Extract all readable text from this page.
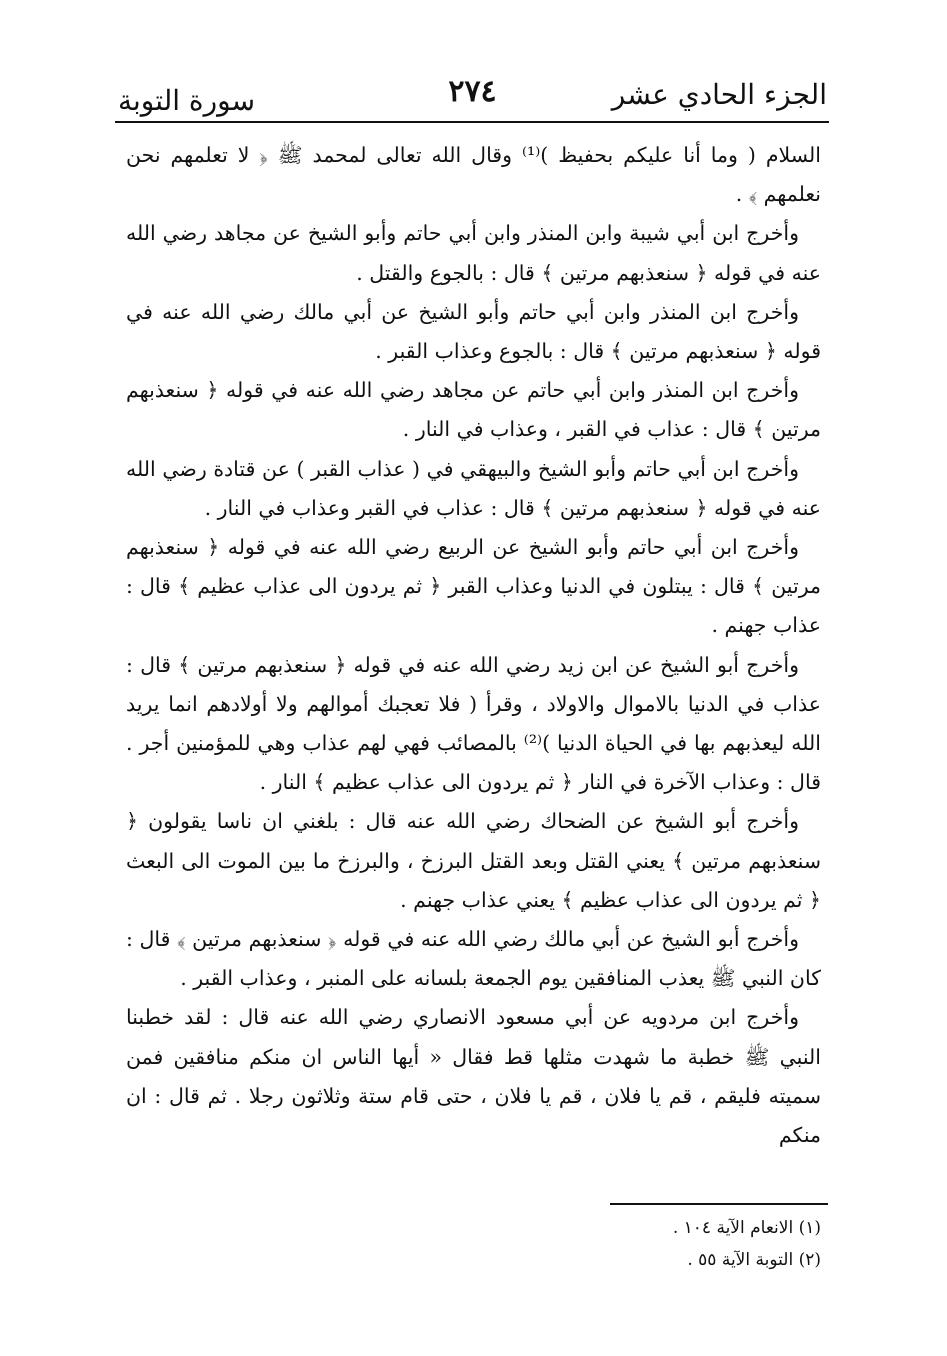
الجزء الحادي عشر
٢٧٤
سورة التوبة

السلام ( وما أنا عليكم بحفيظ )⁽¹⁾ وقال الله تعالى لمحمد ﷺ ﴿ لا تعلمهم نحن نعلمهم ﴾ .

وأخرج ابن أبي شيبة وابن المنذر وابن أبي حاتم وأبو الشيخ عن مجاهد رضي الله عنه في قوله ﴿ سنعذبهم مرتين ﴾ قال : بالجوع والقتل .

وأخرج ابن المنذر وابن أبي حاتم وأبو الشيخ عن أبي مالك رضي الله عنه في قوله ﴿ سنعذبهم مرتين ﴾ قال : بالجوع وعذاب القبر .

وأخرج ابن المنذر وابن أبي حاتم عن مجاهد رضي الله عنه في قوله ﴿ سنعذبهم مرتين ﴾ قال : عذاب في القبر ، وعذاب في النار .

وأخرج ابن أبي حاتم وأبو الشيخ والبيهقي في ( عذاب القبر ) عن قتادة رضي الله عنه في قوله ﴿ سنعذبهم مرتين ﴾ قال : عذاب في القبر وعذاب في النار .

وأخرج ابن أبي حاتم وأبو الشيخ عن الربيع رضي الله عنه في قوله ﴿ سنعذبهم مرتين ﴾ قال : يبتلون في الدنيا وعذاب القبر ﴿ ثم يردون الى عذاب عظيم ﴾ قال : عذاب جهنم .

وأخرج أبو الشيخ عن ابن زيد رضي الله عنه في قوله ﴿ سنعذبهم مرتين ﴾ قال : عذاب في الدنيا بالاموال والاولاد ، وقرأ ( فلا تعجبك أموالهم ولا أولادهم انما يريد الله ليعذبهم بها في الحياة الدنيا )⁽²⁾ بالمصائب فهي لهم عذاب وهي للمؤمنين أجر . قال : وعذاب الآخرة في النار ﴿ ثم يردون الى عذاب عظيم ﴾ النار .

وأخرج أبو الشيخ عن الضحاك رضي الله عنه قال : بلغني ان ناسا يقولون ﴿ سنعذبهم مرتين ﴾ يعني القتل وبعد القتل البرزخ ، والبرزخ ما بين الموت الى البعث ﴿ ثم يردون الى عذاب عظيم ﴾ يعني عذاب جهنم .

وأخرج أبو الشيخ عن أبي مالك رضي الله عنه في قوله ﴿ سنعذبهم مرتين ﴾ قال : كان النبي ﷺ يعذب المنافقين يوم الجمعة بلسانه على المنبر ، وعذاب القبر .

وأخرج ابن مردويه عن أبي مسعود الانصاري رضي الله عنه قال : لقد خطبنا النبي ﷺ خطبة ما شهدت مثلها قط فقال « أيها الناس ان منكم منافقين فمن سميته فليقم ، قم يا فلان ، قم يا فلان ، حتى قام ستة وثلاثون رجلا . ثم قال : ان منكم

(١) الانعام الآية ١٠٤ .

(٢) التوبة الآية ٥٥ .
